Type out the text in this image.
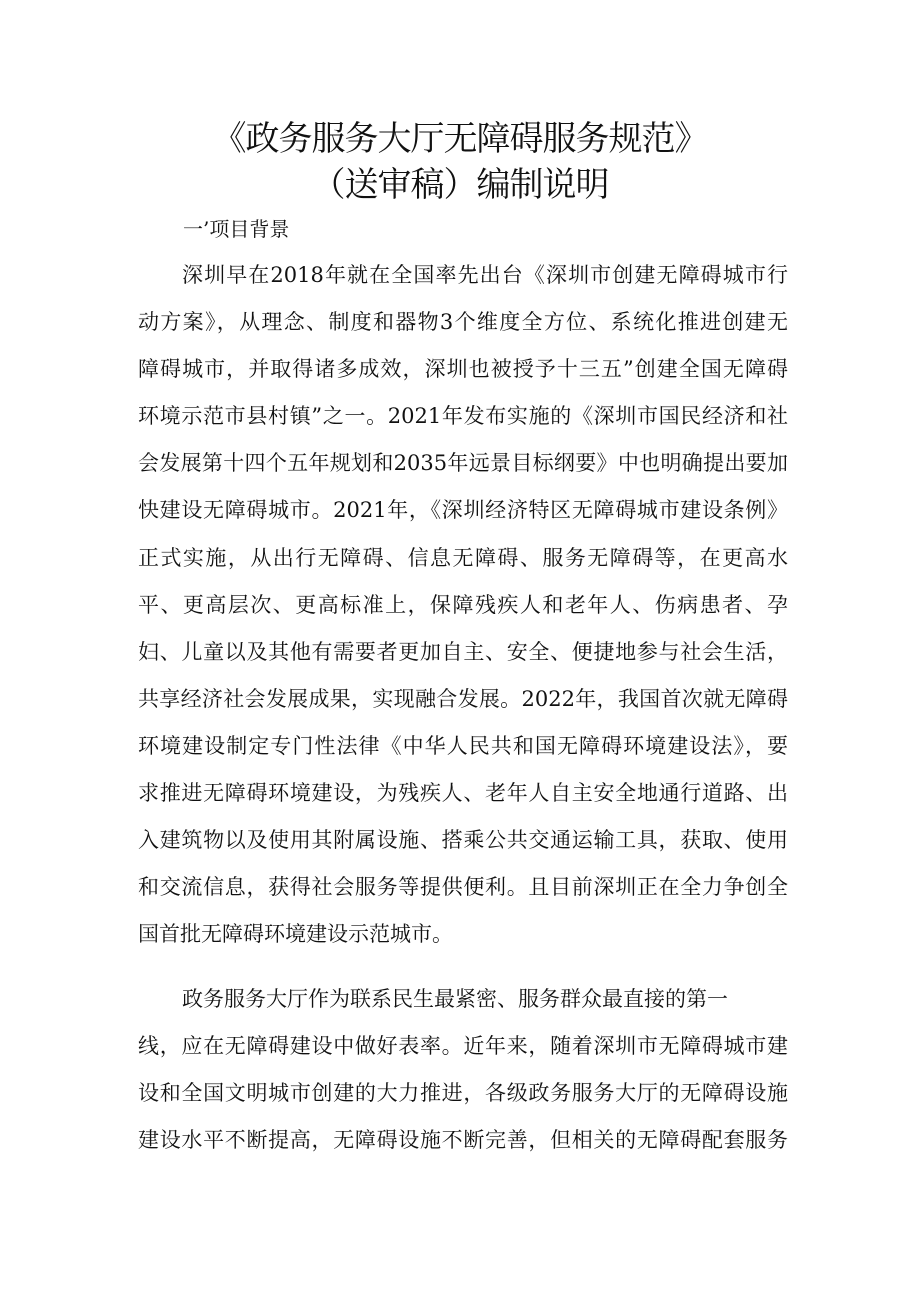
《政务服务大厅无障碍服务规范》
（送审稿）编制说明
一’项目背景
深圳早在2018年就在全国率先出台《深圳市创建无障碍城市行
动方案》，从理念、制度和器物3个维度全方位、系统化推进创建无
障碍城市，并取得诸多成效，深圳也被授予十三五”创建全国无障碍
环境示范市县村镇”之一。2021年发布实施的《深圳市国民经济和社
会发展第十四个五年规划和2035年远景目标纲要》中也明确提出要加
快建设无障碍城市。2021年，《深圳经济特区无障碍城市建设条例》
正式实施，从出行无障碍、信息无障碍、服务无障碍等，在更高水
平、更高层次、更高标准上，保障残疾人和老年人、伤病患者、孕
妇、儿童以及其他有需要者更加自主、安全、便捷地参与社会生活，
共享经济社会发展成果，实现融合发展。2022年，我国首次就无障碍
环境建设制定专门性法律《中华人民共和国无障碍环境建设法》，要
求推进无障碍环境建设，为残疾人、老年人自主安全地通行道路、出
入建筑物以及使用其附属设施、搭乘公共交通运输工具，获取、使用
和交流信息，获得社会服务等提供便利。且目前深圳正在全力争创全
国首批无障碍环境建设示范城市。
政务服务大厅作为联系民生最紧密、服务群众最直接的第一
线，应在无障碍建设中做好表率。近年来，随着深圳市无障碍城市建
设和全国文明城市创建的大力推进，各级政务服务大厅的无障碍设施
建设水平不断提高，无障碍设施不断完善，但相关的无障碍配套服务
